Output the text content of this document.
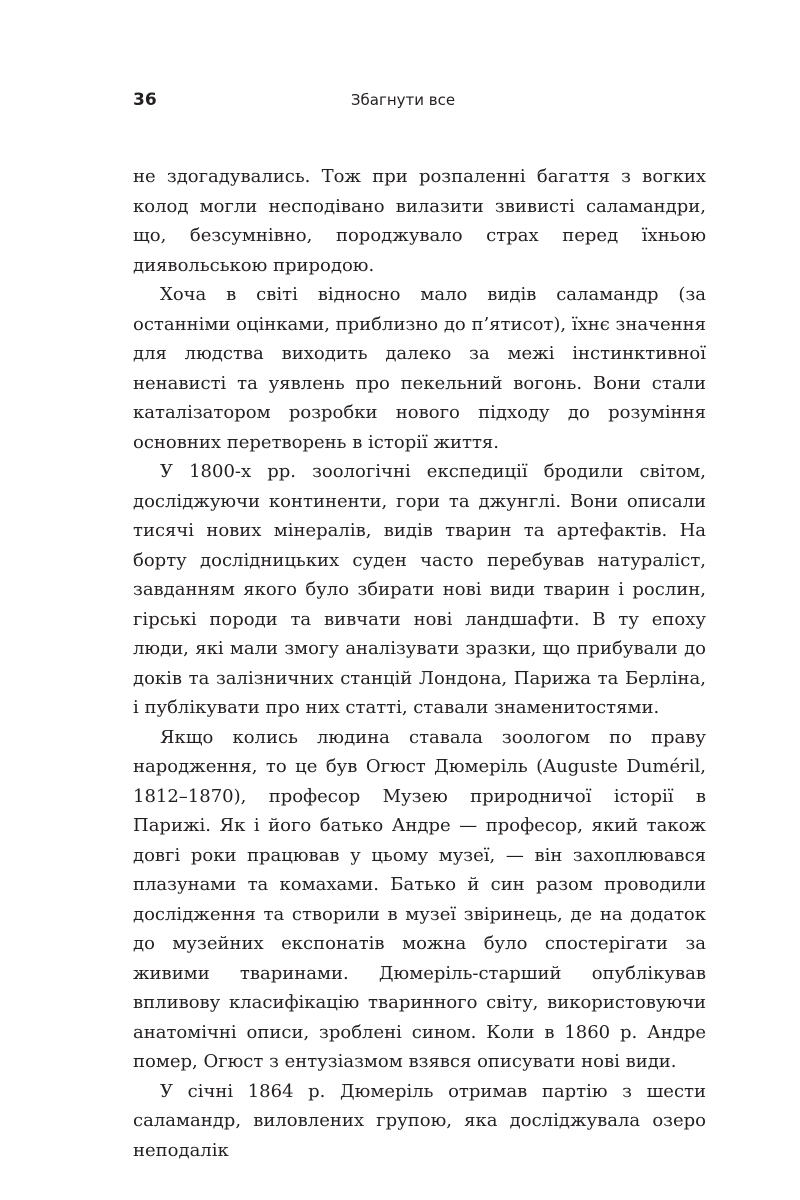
36	Збагнути все

не здогадувались. Тож при розпаленні багаття з вогких колод могли несподівано вилазити звивисті саламандри, що, безсумнівно, породжувало страх перед їхньою диявольською природою.

Хоча в світі відносно мало видів саламандр (за останніми оцінками, приблизно до п’ятисот), їхнє значення для людства виходить далеко за межі інстинктивної ненависті та уявлень про пекельний вогонь. Вони стали каталізатором розробки нового підходу до розуміння основних перетворень в історії життя.

У 1800-х рр. зоологічні експедиції бродили світом, досліджуючи континенти, гори та джунглі. Вони описали тисячі нових мінералів, видів тварин та артефактів. На борту дослідницьких суден часто перебував натураліст, завданням якого було збирати нові види тварин і рослин, гірські породи та вивчати нові ландшафти. В ту епоху люди, які мали змогу аналізувати зразки, що прибували до доків та залізничних станцій Лондона, Парижа та Берліна, і публікувати про них статті, ставали знаменитостями.

Якщо колись людина ставала зоологом по праву народження, то це був Огюст Дюмеріль (Auguste Duméril, 1812–1870), професор Музею природничої історії в Парижі. Як і його батько Андре — професор, який також довгі роки працював у цьому музеї, — він захоплювався плазунами та комахами. Батько й син разом проводили дослідження та створили в музеї звіринець, де на додаток до музейних експонатів можна було спостерігати за живими тваринами. Дюмеріль-старший опублікував впливову класифікацію тваринного світу, використовуючи анатомічні описи, зроблені сином. Коли в 1860 р. Андре помер, Огюст з ентузіазмом взявся описувати нові види.

У січні 1864 р. Дюмеріль отримав партію з шести саламандр, виловлених групою, яка досліджувала озеро неподалік
